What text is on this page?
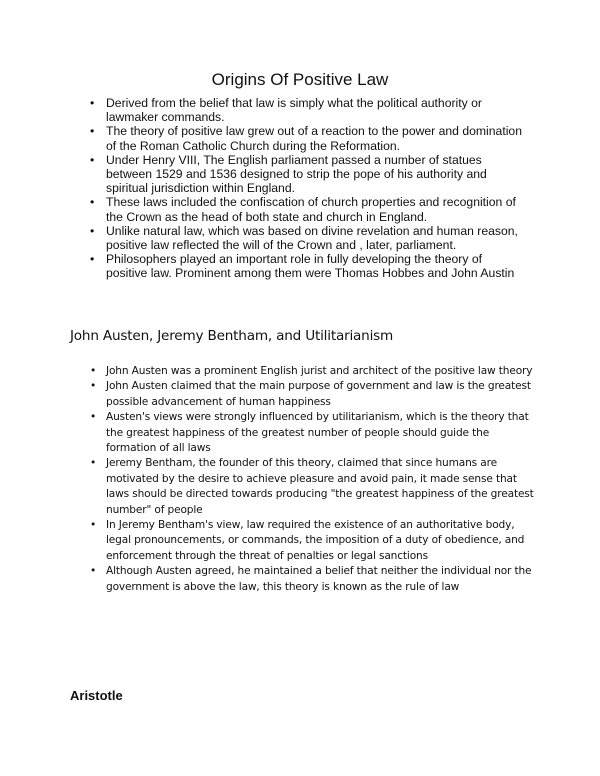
Origins Of Positive Law
• Derived from the belief that law is simply what the political authority or lawmaker commands.
• The theory of positive law grew out of a reaction to the power and domination of the Roman Catholic Church during the Reformation.
• Under Henry VIII, The English parliament passed a number of statues between 1529 and 1536 designed to strip the pope of his authority and spiritual jurisdiction within England.
• These laws included the confiscation of church properties and recognition of the Crown as the head of both state and church in England.
• Unlike natural law, which was based on divine revelation and human reason, positive law reflected the will of the Crown and , later, parliament.
• Philosophers played an important role in fully developing the theory of positive law. Prominent among them were Thomas Hobbes and John Austin
John Austen, Jeremy Bentham, and Utilitarianism
• John Austen was a prominent English jurist and architect of the positive law theory
• John Austen claimed that the main purpose of government and law is the greatest possible advancement of human happiness
• Austen's views were strongly influenced by utilitarianism, which is the theory that the greatest happiness of the greatest number of people should guide the formation of all laws
• Jeremy Bentham, the founder of this theory, claimed that since humans are motivated by the desire to achieve pleasure and avoid pain, it made sense that laws should be directed towards producing "the greatest happiness of the greatest number" of people
• In Jeremy Bentham's view, law required the existence of an authoritative body, legal pronouncements, or commands, the imposition of a duty of obedience, and enforcement through the threat of penalties or legal sanctions
• Although Austen agreed, he maintained a belief that neither the individual nor the government is above the law, this theory is known as the rule of law
Aristotle
